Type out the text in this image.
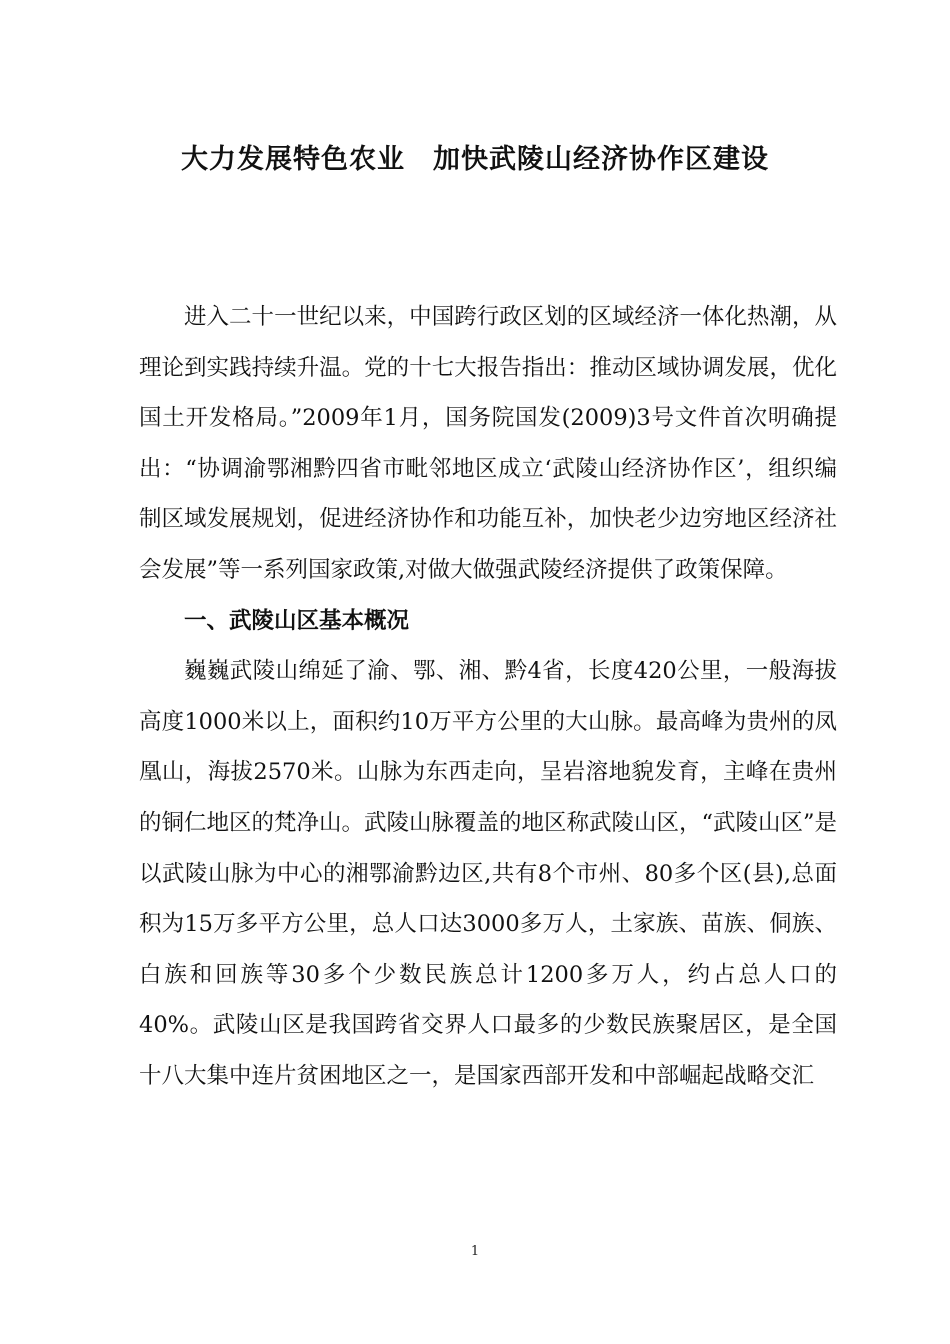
大力发展特色农业　加快武陵山经济协作区建设

进入二十一世纪以来，中国跨行政区划的区域经济一体化热潮，从理论到实践持续升温。党的十七大报告指出：推动区域协调发展，优化国土开发格局。”2009年1月，国务院国发(2009)3号文件首次明确提出：“协调渝鄂湘黔四省市毗邻地区成立‘武陵山经济协作区’，组织编制区域发展规划，促进经济协作和功能互补，加快老少边穷地区经济社会发展”等一系列国家政策,对做大做强武陵经济提供了政策保障。

一、武陵山区基本概况

巍巍武陵山绵延了渝、鄂、湘、黔4省，长度420公里，一般海拔高度1000米以上，面积约10万平方公里的大山脉。最高峰为贵州的凤凰山，海拔2570米。山脉为东西走向，呈岩溶地貌发育，主峰在贵州的铜仁地区的梵净山。武陵山脉覆盖的地区称武陵山区，“武陵山区”是以武陵山脉为中心的湘鄂渝黔边区,共有8个市州、80多个区(县),总面积为15万多平方公里，总人口达3000多万人，土家族、苗族、侗族、白族和回族等30多个少数民族总计1200多万人，约占总人口的40%。武陵山区是我国跨省交界人口最多的少数民族聚居区，是全国十八大集中连片贫困地区之一，是国家西部开发和中部崛起战略交汇

1
